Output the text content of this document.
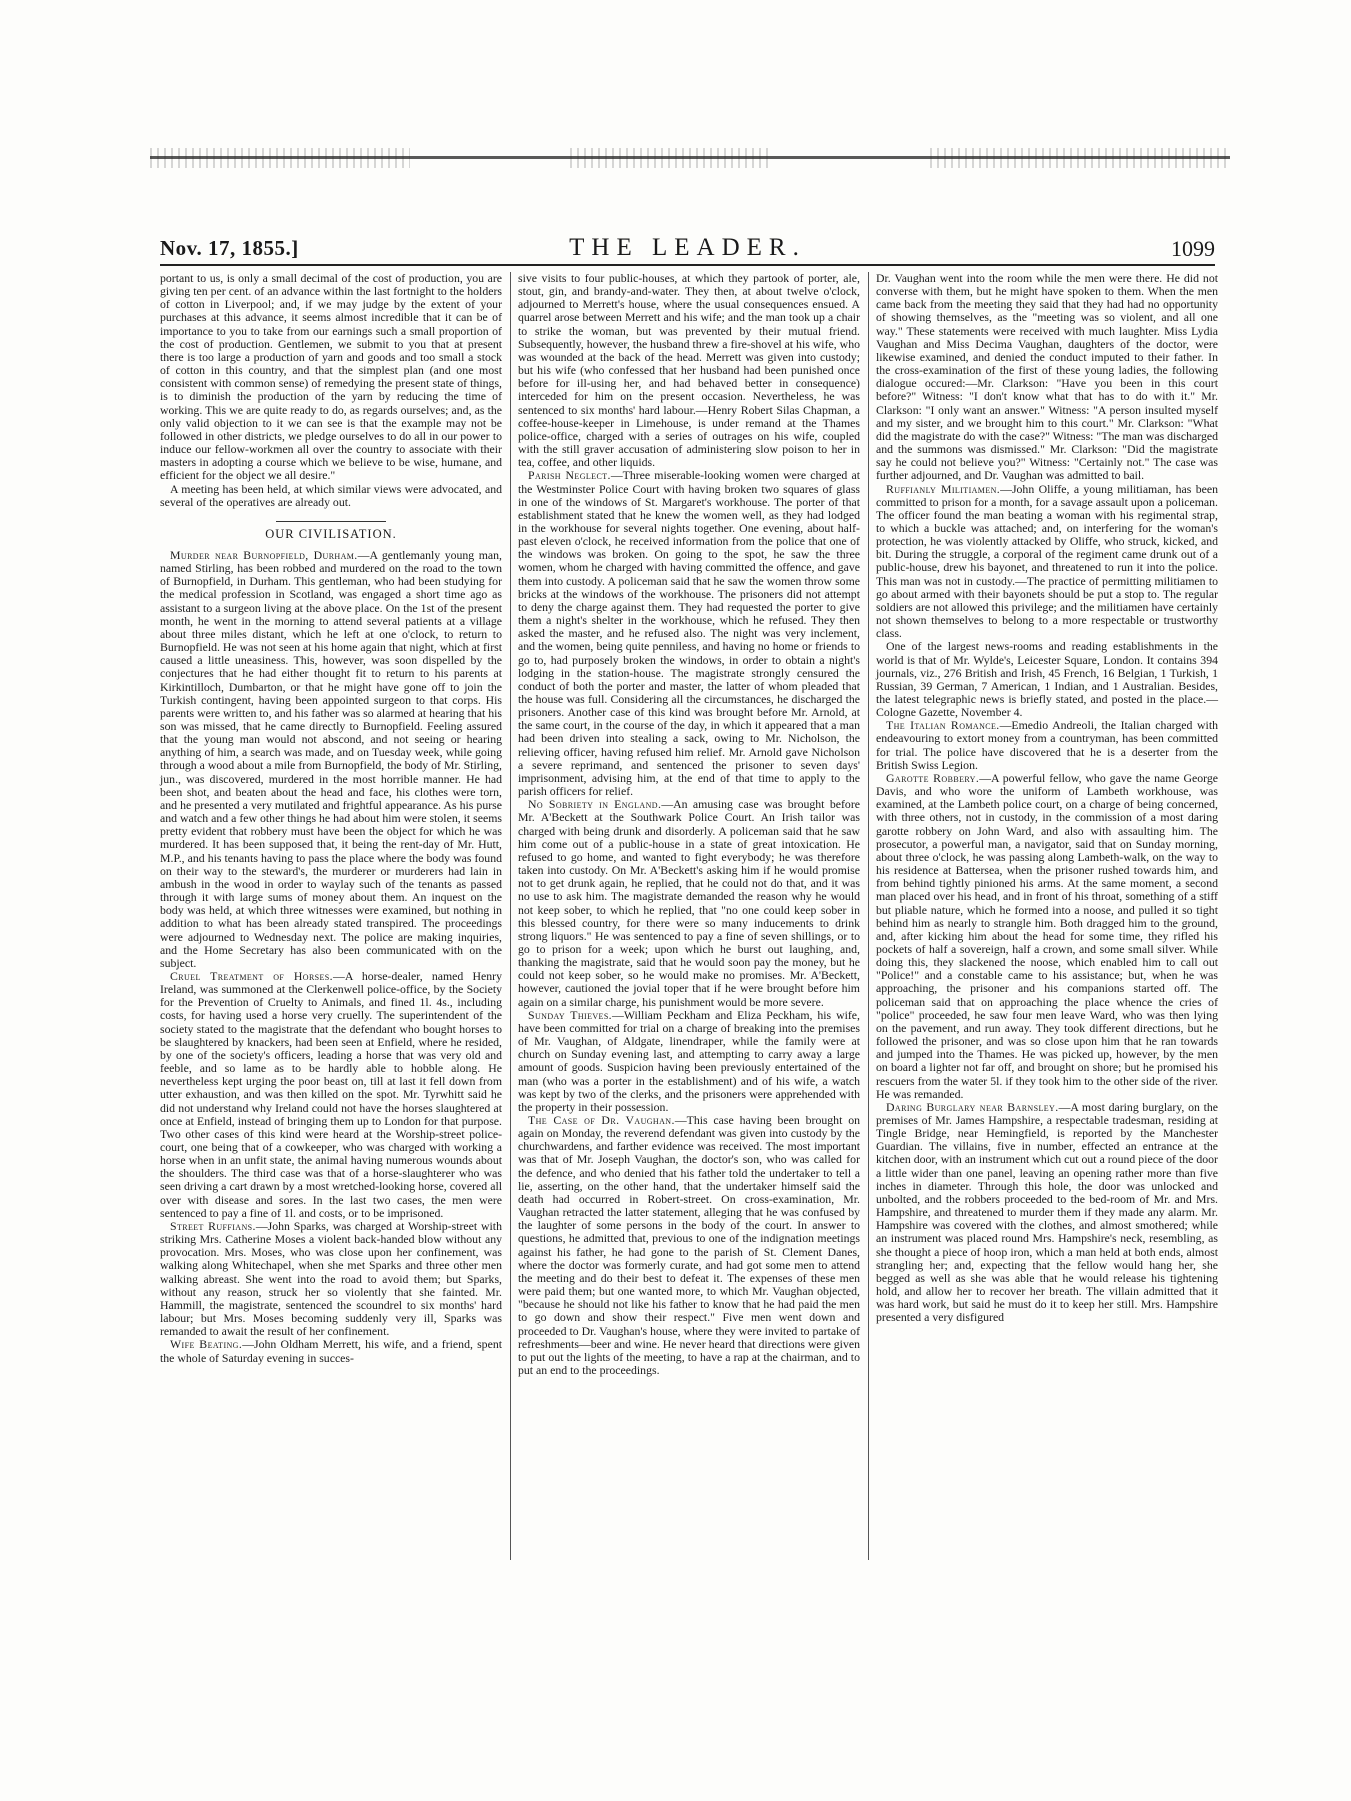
Nov. 17, 1855.]	THE LEADER.	1099

portant to us, is only a small decimal of the cost of production, you are giving ten per cent. of an advance within the last fortnight to the holders of cotton in Liverpool; and, if we may judge by the extent of your purchases at this advance, it seems almost incredible that it can be of importance to you to take from our earnings such a small proportion of the cost of production. Gentlemen, we submit to you that at present there is too large a production of yarn and goods and too small a stock of cotton in this country, and that the simplest plan (and one most consistent with common sense) of remedying the present state of things, is to diminish the production of the yarn by reducing the time of working. This we are quite ready to do, as regards ourselves; and, as the only valid objection to it we can see is that the example may not be followed in other districts, we pledge ourselves to do all in our power to induce our fellow-workmen all over the country to associate with their masters in adopting a course which we believe to be wise, humane, and efficient for the object we all desire."

A meeting has been held, at which similar views were advocated, and several of the operatives are already out.

OUR CIVILISATION.

Murder near Burnopfield, Durham.—A gentlemanly young man, named Stirling, has been robbed and murdered on the road to the town of Burnopfield, in Durham. This gentleman, who had been studying for the medical profession in Scotland, was engaged a short time ago as assistant to a surgeon living at the above place. On the 1st of the present month, he went in the morning to attend several patients at a village about three miles distant, which he left at one o'clock, to return to Burnopfield. He was not seen at his home again that night, which at first caused a little uneasiness. This, however, was soon dispelled by the conjectures that he had either thought fit to return to his parents at Kirkintilloch, Dumbarton, or that he might have gone off to join the Turkish contingent, having been appointed surgeon to that corps. His parents were written to, and his father was so alarmed at hearing that his son was missed, that he came directly to Burnopfield. Feeling assured that the young man would not abscond, and not seeing or hearing anything of him, a search was made, and on Tuesday week, while going through a wood about a mile from Burnopfield, the body of Mr. Stirling, jun., was discovered, murdered in the most horrible manner. He had been shot, and beaten about the head and face, his clothes were torn, and he presented a very mutilated and frightful appearance. As his purse and watch and a few other things he had about him were stolen, it seems pretty evident that robbery must have been the object for which he was murdered. It has been supposed that, it being the rent-day of Mr. Hutt, M.P., and his tenants having to pass the place where the body was found on their way to the steward's, the murderer or murderers had lain in ambush in the wood in order to waylay such of the tenants as passed through it with large sums of money about them. An inquest on the body was held, at which three witnesses were examined, but nothing in addition to what has been already stated transpired. The proceedings were adjourned to Wednesday next. The police are making inquiries, and the Home Secretary has also been communicated with on the subject.

Cruel Treatment of Horses.—A horse-dealer, named Henry Ireland, was summoned at the Clerkenwell police-office, by the Society for the Prevention of Cruelty to Animals, and fined 1l. 4s., including costs, for having used a horse very cruelly. The superintendent of the society stated to the magistrate that the defendant who bought horses to be slaughtered by knackers, had been seen at Enfield, where he resided, by one of the society's officers, leading a horse that was very old and feeble, and so lame as to be hardly able to hobble along. He nevertheless kept urging the poor beast on, till at last it fell down from utter exhaustion, and was then killed on the spot. Mr. Tyrwhitt said he did not understand why Ireland could not have the horses slaughtered at once at Enfield, instead of bringing them up to London for that purpose. Two other cases of this kind were heard at the Worship-street police-court, one being that of a cowkeeper, who was charged with working a horse when in an unfit state, the animal having numerous wounds about the shoulders. The third case was that of a horse-slaughterer who was seen driving a cart drawn by a most wretched-looking horse, covered all over with disease and sores. In the last two cases, the men were sentenced to pay a fine of 1l. and costs, or to be imprisoned.

Street Ruffians.—John Sparks, was charged at Worship-street with striking Mrs. Catherine Moses a violent back-handed blow without any provocation. Mrs. Moses, who was close upon her confinement, was walking along Whitechapel, when she met Sparks and three other men walking abreast. She went into the road to avoid them; but Sparks, without any reason, struck her so violently that she fainted. Mr. Hammill, the magistrate, sentenced the scoundrel to six months' hard labour; but Mrs. Moses becoming suddenly very ill, Sparks was remanded to await the result of her confinement.

Wife Beating.—John Oldham Merrett, his wife, and a friend, spent the whole of Saturday evening in succes-

sive visits to four public-houses, at which they partook of porter, ale, stout, gin, and brandy-and-water. They then, at about twelve o'clock, adjourned to Merrett's house, where the usual consequences ensued. A quarrel arose between Merrett and his wife; and the man took up a chair to strike the woman, but was prevented by their mutual friend. Subsequently, however, the husband threw a fire-shovel at his wife, who was wounded at the back of the head. Merrett was given into custody; but his wife (who confessed that her husband had been punished once before for ill-using her, and had behaved better in consequence) interceded for him on the present occasion. Nevertheless, he was sentenced to six months' hard labour.—Henry Robert Silas Chapman, a coffee-house-keeper in Limehouse, is under remand at the Thames police-office, charged with a series of outrages on his wife, coupled with the still graver accusation of administering slow poison to her in tea, coffee, and other liquids.

Parish Neglect.—Three miserable-looking women were charged at the Westminster Police Court with having broken two squares of glass in one of the windows of St. Margaret's workhouse. The porter of that establishment stated that he knew the women well, as they had lodged in the workhouse for several nights together. One evening, about half-past eleven o'clock, he received information from the police that one of the windows was broken. On going to the spot, he saw the three women, whom he charged with having committed the offence, and gave them into custody. A policeman said that he saw the women throw some bricks at the windows of the workhouse. The prisoners did not attempt to deny the charge against them. They had requested the porter to give them a night's shelter in the workhouse, which he refused. They then asked the master, and he refused also. The night was very inclement, and the women, being quite penniless, and having no home or friends to go to, had purposely broken the windows, in order to obtain a night's lodging in the station-house. The magistrate strongly censured the conduct of both the porter and master, the latter of whom pleaded that the house was full. Considering all the circumstances, he discharged the prisoners. Another case of this kind was brought before Mr. Arnold, at the same court, in the course of the day, in which it appeared that a man had been driven into stealing a sack, owing to Mr. Nicholson, the relieving officer, having refused him relief. Mr. Arnold gave Nicholson a severe reprimand, and sentenced the prisoner to seven days' imprisonment, advising him, at the end of that time to apply to the parish officers for relief.

No Sobriety in England.—An amusing case was brought before Mr. A'Beckett at the Southwark Police Court. An Irish tailor was charged with being drunk and disorderly. A policeman said that he saw him come out of a public-house in a state of great intoxication. He refused to go home, and wanted to fight everybody; he was therefore taken into custody. On Mr. A'Beckett's asking him if he would promise not to get drunk again, he replied, that he could not do that, and it was no use to ask him. The magistrate demanded the reason why he would not keep sober, to which he replied, that "no one could keep sober in this blessed country, for there were so many inducements to drink strong liquors." He was sentenced to pay a fine of seven shillings, or to go to prison for a week; upon which he burst out laughing, and, thanking the magistrate, said that he would soon pay the money, but he could not keep sober, so he would make no promises. Mr. A'Beckett, however, cautioned the jovial toper that if he were brought before him again on a similar charge, his punishment would be more severe.

Sunday Thieves.—William Peckham and Eliza Peckham, his wife, have been committed for trial on a charge of breaking into the premises of Mr. Vaughan, of Aldgate, linendraper, while the family were at church on Sunday evening last, and attempting to carry away a large amount of goods. Suspicion having been previously entertained of the man (who was a porter in the establishment) and of his wife, a watch was kept by two of the clerks, and the prisoners were apprehended with the property in their possession.

The Case of Dr. Vaughan.—This case having been brought on again on Monday, the reverend defendant was given into custody by the churchwardens, and farther evidence was received. The most important was that of Mr. Joseph Vaughan, the doctor's son, who was called for the defence, and who denied that his father told the undertaker to tell a lie, asserting, on the other hand, that the undertaker himself said the death had occurred in Robert-street. On cross-examination, Mr. Vaughan retracted the latter statement, alleging that he was confused by the laughter of some persons in the body of the court. In answer to questions, he admitted that, previous to one of the indignation meetings against his father, he had gone to the parish of St. Clement Danes, where the doctor was formerly curate, and had got some men to attend the meeting and do their best to defeat it. The expenses of these men were paid them; but one wanted more, to which Mr. Vaughan objected, "because he should not like his father to know that he had paid the men to go down and show their respect." Five men went down and proceeded to Dr. Vaughan's house, where they were invited to partake of refreshments—beer and wine. He never heard that directions were given to put out the lights of the meeting, to have a rap at the chairman, and to put an end to the proceedings.

Dr. Vaughan went into the room while the men were there. He did not converse with them, but he might have spoken to them. When the men came back from the meeting they said that they had had no opportunity of showing themselves, as the "meeting was so violent, and all one way." These statements were received with much laughter. Miss Lydia Vaughan and Miss Decima Vaughan, daughters of the doctor, were likewise examined, and denied the conduct imputed to their father. In the cross-examination of the first of these young ladies, the following dialogue occured:—Mr. Clarkson: "Have you been in this court before?" Witness: "I don't know what that has to do with it." Mr. Clarkson: "I only want an answer." Witness: "A person insulted myself and my sister, and we brought him to this court." Mr. Clarkson: "What did the magistrate do with the case?" Witness: "The man was discharged and the summons was dismissed." Mr. Clarkson: "Did the magistrate say he could not believe you?" Witness: "Certainly not." The case was further adjourned, and Dr. Vaughan was admitted to bail.

Ruffianly Militiamen.—John Oliffe, a young militiaman, has been committed to prison for a month, for a savage assault upon a policeman. The officer found the man beating a woman with his regimental strap, to which a buckle was attached; and, on interfering for the woman's protection, he was violently attacked by Oliffe, who struck, kicked, and bit. During the struggle, a corporal of the regiment came drunk out of a public-house, drew his bayonet, and threatened to run it into the police. This man was not in custody.—The practice of permitting militiamen to go about armed with their bayonets should be put a stop to. The regular soldiers are not allowed this privilege; and the militiamen have certainly not shown themselves to belong to a more respectable or trustworthy class.

One of the largest news-rooms and reading establishments in the world is that of Mr. Wylde's, Leicester Square, London. It contains 394 journals, viz., 276 British and Irish, 45 French, 16 Belgian, 1 Turkish, 1 Russian, 39 German, 7 American, 1 Indian, and 1 Australian. Besides, the latest telegraphic news is briefly stated, and posted in the place.—Cologne Gazette, November 4.

The Italian Romance.—Emedio Andreoli, the Italian charged with endeavouring to extort money from a countryman, has been committed for trial. The police have discovered that he is a deserter from the British Swiss Legion.

Garotte Robbery.—A powerful fellow, who gave the name George Davis, and who wore the uniform of Lambeth workhouse, was examined, at the Lambeth police court, on a charge of being concerned, with three others, not in custody, in the commission of a most daring garotte robbery on John Ward, and also with assaulting him. The prosecutor, a powerful man, a navigator, said that on Sunday morning, about three o'clock, he was passing along Lambeth-walk, on the way to his residence at Battersea, when the prisoner rushed towards him, and from behind tightly pinioned his arms. At the same moment, a second man placed over his head, and in front of his throat, something of a stiff but pliable nature, which he formed into a noose, and pulled it so tight behind him as nearly to strangle him. Both dragged him to the ground, and, after kicking him about the head for some time, they rifled his pockets of half a sovereign, half a crown, and some small silver. While doing this, they slackened the noose, which enabled him to call out "Police!" and a constable came to his assistance; but, when he was approaching, the prisoner and his companions started off. The policeman said that on approaching the place whence the cries of "police" proceeded, he saw four men leave Ward, who was then lying on the pavement, and run away. They took different directions, but he followed the prisoner, and was so close upon him that he ran towards and jumped into the Thames. He was picked up, however, by the men on board a lighter not far off, and brought on shore; but he promised his rescuers from the water 5l. if they took him to the other side of the river. He was remanded.

Daring Burglary near Barnsley.—A most daring burglary, on the premises of Mr. James Hampshire, a respectable tradesman, residing at Tingle Bridge, near Hemingfield, is reported by the Manchester Guardian. The villains, five in number, effected an entrance at the kitchen door, with an instrument which cut out a round piece of the door a little wider than one panel, leaving an opening rather more than five inches in diameter. Through this hole, the door was unlocked and unbolted, and the robbers proceeded to the bed-room of Mr. and Mrs. Hampshire, and threatened to murder them if they made any alarm. Mr. Hampshire was covered with the clothes, and almost smothered; while an instrument was placed round Mrs. Hampshire's neck, resembling, as she thought a piece of hoop iron, which a man held at both ends, almost strangling her; and, expecting that the fellow would hang her, she begged as well as she was able that he would release his tightening hold, and allow her to recover her breath. The villain admitted that it was hard work, but said he must do it to keep her still. Mrs. Hampshire presented a very disfigured
